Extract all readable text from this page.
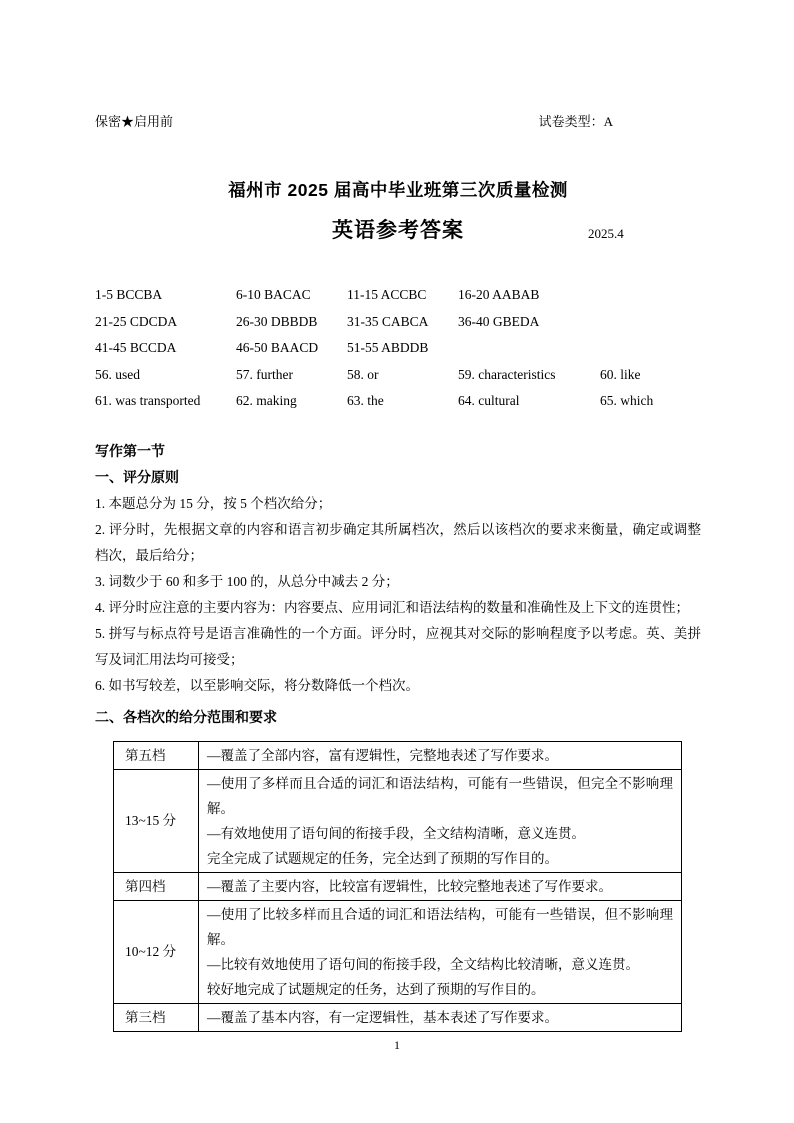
保密★启用前	试卷类型：A
福州市 2025 届高中毕业班第三次质量检测
英语参考答案	2025.4
1-5 BCCBA	6-10 BACAC	11-15 ACCBC	16-20 AABAB
21-25 CDCDA	26-30 DBBDB	31-35 CABCA	36-40 GBEDA
41-45 BCCDA	46-50 BAACD	51-55 ABDDB
56. used	57. further	58. or	59. characteristics	60. like
61. was transported	62. making	63. the	64. cultural	65. which
写作第一节
一、评分原则
1. 本题总分为 15 分，按 5 个档次给分；
2. 评分时，先根据文章的内容和语言初步确定其所属档次，然后以该档次的要求来衡量，确定或调整档次，最后给分；
3. 词数少于 60 和多于 100 的，从总分中减去 2 分；
4. 评分时应注意的主要内容为：内容要点、应用词汇和语法结构的数量和准确性及上下文的连贯性；
5. 拼写与标点符号是语言准确性的一个方面。评分时，应视其对交际的影响程度予以考虑。英、美拼写及词汇用法均可接受；
6. 如书写较差，以至影响交际，将分数降低一个档次。
二、各档次的给分范围和要求
第五档	—覆盖了全部内容，富有逻辑性，完整地表述了写作要求。

13~15 分	—使用了多样而且合适的词汇和语法结构，可能有一些错误，但完全不影响理解。
—有效地使用了语句间的衔接手段，全文结构清晰，意义连贯。
完全完成了试题规定的任务，完全达到了预期的写作目的。

第四档	—覆盖了主要内容，比较富有逻辑性，比较完整地表述了写作要求。

10~12 分	—使用了比较多样而且合适的词汇和语法结构，可能有一些错误，但不影响理解。
—比较有效地使用了语句间的衔接手段，全文结构比较清晰，意义连贯。
较好地完成了试题规定的任务，达到了预期的写作目的。

第三档	—覆盖了基本内容，有一定逻辑性，基本表述了写作要求。
1
